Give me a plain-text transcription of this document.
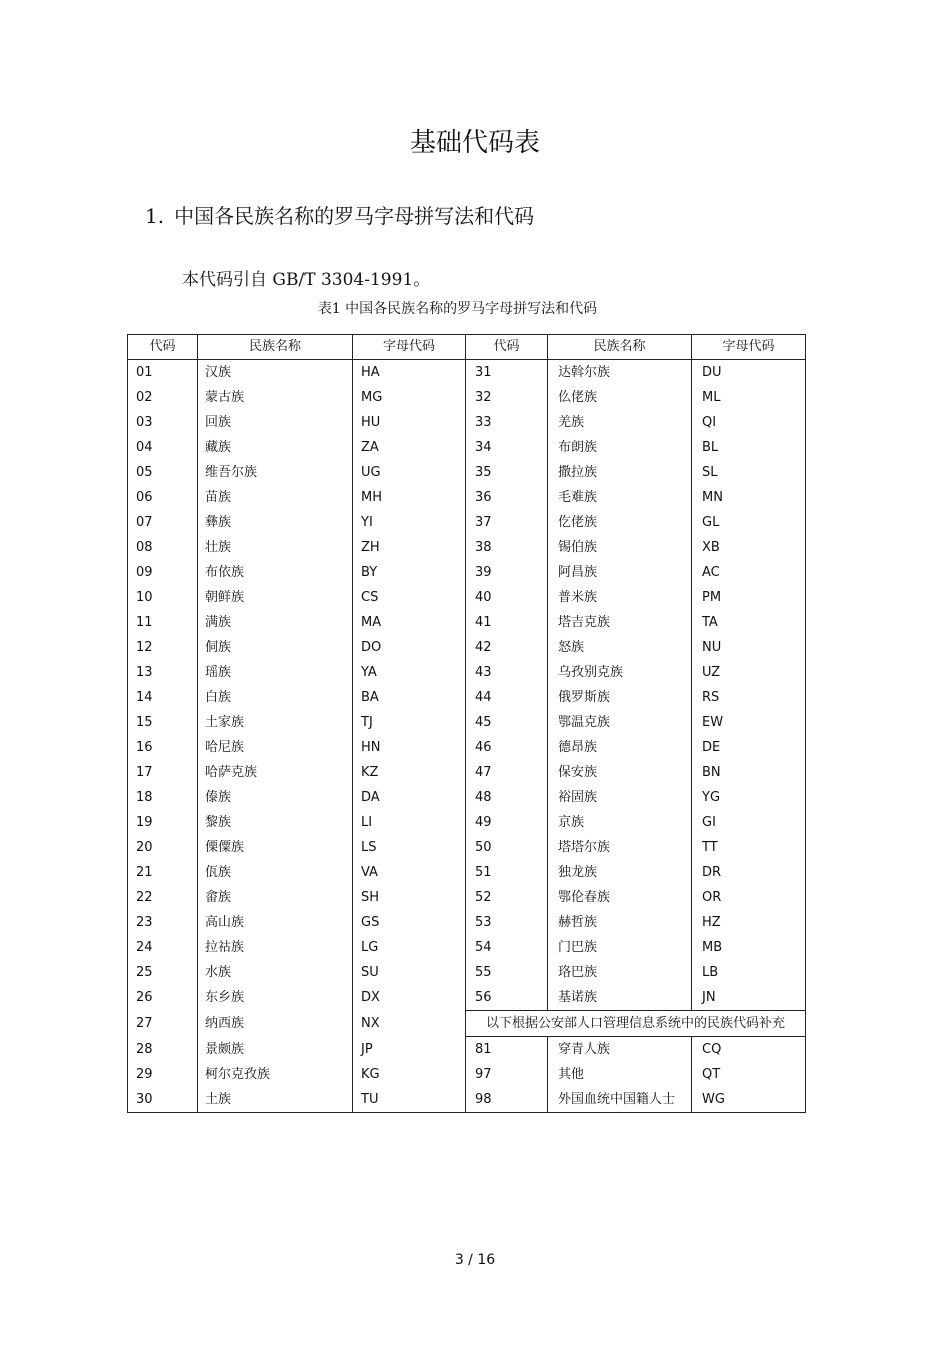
基础代码表
1. 中国各民族名称的罗马字母拼写法和代码
本代码引自 GB/T 3304-1991。
表1 中国各民族名称的罗马字母拼写法和代码
代码	民族名称	字母代码	代码	民族名称	字母代码
01	汉族	HA	31	达斡尔族	DU
02	蒙古族	MG	32	仫佬族	ML
03	回族	HU	33	羌族	QI
04	藏族	ZA	34	布朗族	BL
05	维吾尔族	UG	35	撒拉族	SL
06	苗族	MH	36	毛难族	MN
07	彝族	YI	37	仡佬族	GL
08	壮族	ZH	38	锡伯族	XB
09	布依族	BY	39	阿昌族	AC
10	朝鲜族	CS	40	普米族	PM
11	满族	MA	41	塔吉克族	TA
12	侗族	DO	42	怒族	NU
13	瑶族	YA	43	乌孜别克族	UZ
14	白族	BA	44	俄罗斯族	RS
15	土家族	TJ	45	鄂温克族	EW
16	哈尼族	HN	46	德昂族	DE
17	哈萨克族	KZ	47	保安族	BN
18	傣族	DA	48	裕固族	YG
19	黎族	LI	49	京族	GI
20	傈僳族	LS	50	塔塔尔族	TT
21	佤族	VA	51	独龙族	DR
22	畲族	SH	52	鄂伦春族	OR
23	高山族	GS	53	赫哲族	HZ
24	拉祜族	LG	54	门巴族	MB
25	水族	SU	55	珞巴族	LB
26	东乡族	DX	56	基诺族	JN
27	纳西族	NX	以下根据公安部人口管理信息系统中的民族代码补充		
28	景颇族	JP	81	穿青人族	CQ
29	柯尔克孜族	KG	97	其他	QT
30	土族	TU	98	外国血统中国籍人士	WG
3 / 16
